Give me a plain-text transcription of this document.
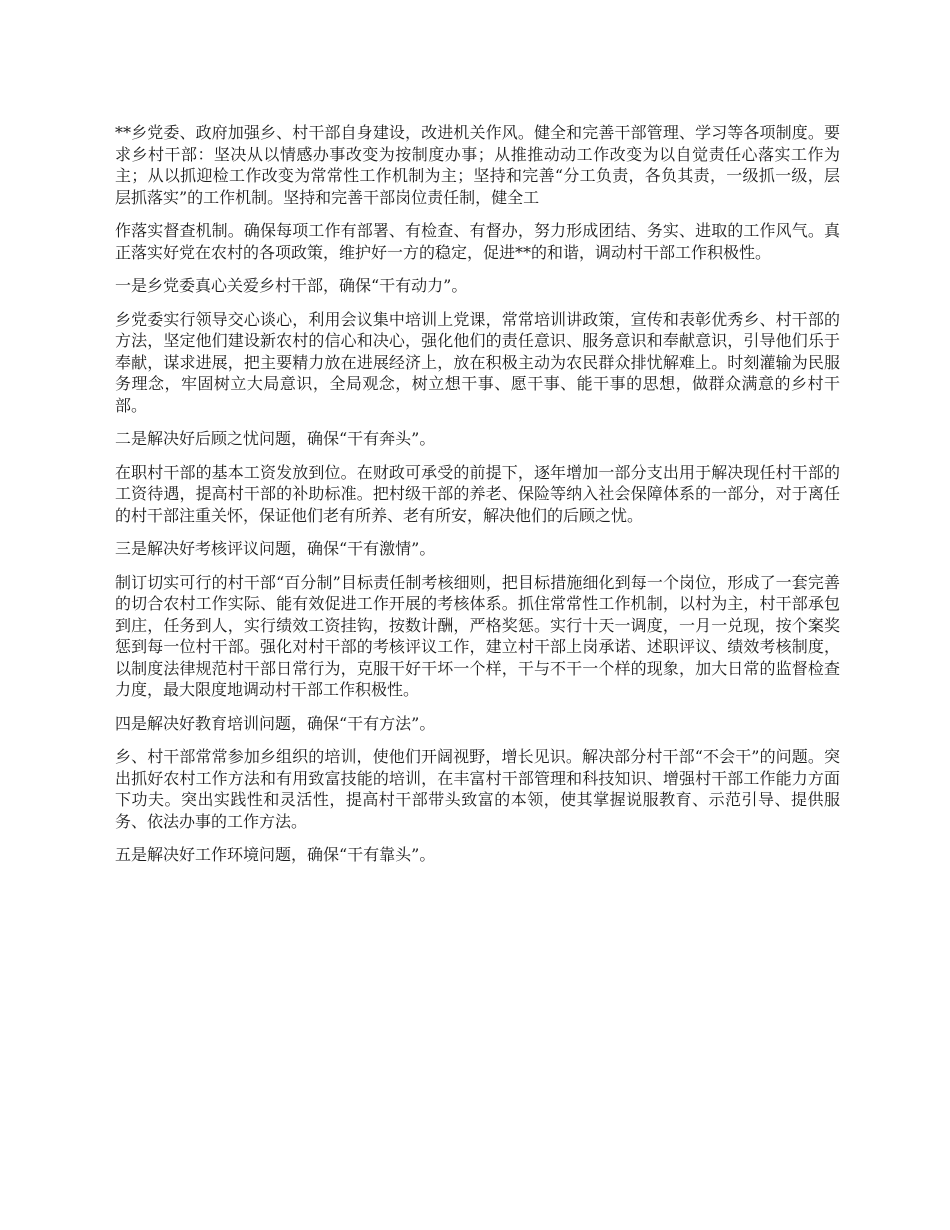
**乡党委、政府加强乡、村干部自身建设，改进机关作风。健全和完善干部管理、学习等各项制度。要求乡村干部：坚决从以情感办事改变为按制度办事；从推推动动工作改变为以自觉责任心落实工作为主；从以抓迎检工作改变为常常性工作机制为主；坚持和完善“分工负责，各负其责，一级抓一级，层层抓落实”的工作机制。坚持和完善干部岗位责任制，健全工

作落实督查机制。确保每项工作有部署、有检查、有督办，努力形成团结、务实、进取的工作风气。真正落实好党在农村的各项政策，维护好一方的稳定，促进**的和谐，调动村干部工作积极性。

一是乡党委真心关爱乡村干部，确保“干有动力”。

乡党委实行领导交心谈心，利用会议集中培训上党课，常常培训讲政策，宣传和表彰优秀乡、村干部的方法，坚定他们建设新农村的信心和决心，强化他们的责任意识、服务意识和奉献意识，引导他们乐于奉献，谋求进展，把主要精力放在进展经济上，放在积极主动为农民群众排忧解难上。时刻灌输为民服务理念，牢固树立大局意识，全局观念，树立想干事、愿干事、能干事的思想，做群众满意的乡村干部。

二是解决好后顾之忧问题，确保“干有奔头”。

在职村干部的基本工资发放到位。在财政可承受的前提下，逐年增加一部分支出用于解决现任村干部的工资待遇，提高村干部的补助标准。把村级干部的养老、保险等纳入社会保障体系的一部分，对于离任的村干部注重关怀，保证他们老有所养、老有所安，解决他们的后顾之忧。

三是解决好考核评议问题，确保“干有激情”。

制订切实可行的村干部“百分制”目标责任制考核细则，把目标措施细化到每一个岗位，形成了一套完善的切合农村工作实际、能有效促进工作开展的考核体系。抓住常常性工作机制，以村为主，村干部承包到庄，任务到人，实行绩效工资挂钩，按数计酬，严格奖惩。实行十天一调度，一月一兑现，按个案奖惩到每一位村干部。强化对村干部的考核评议工作，建立村干部上岗承诺、述职评议、绩效考核制度，以制度法律规范村干部日常行为，克服干好干坏一个样，干与不干一个样的现象，加大日常的监督检查力度，最大限度地调动村干部工作积极性。

四是解决好教育培训问题，确保“干有方法”。

乡、村干部常常参加乡组织的培训，使他们开阔视野，增长见识。解决部分村干部“不会干”的问题。突出抓好农村工作方法和有用致富技能的培训，在丰富村干部管理和科技知识、增强村干部工作能力方面下功夫。突出实践性和灵活性，提高村干部带头致富的本领，使其掌握说服教育、示范引导、提供服务、依法办事的工作方法。

五是解决好工作环境问题，确保“干有靠头”。
